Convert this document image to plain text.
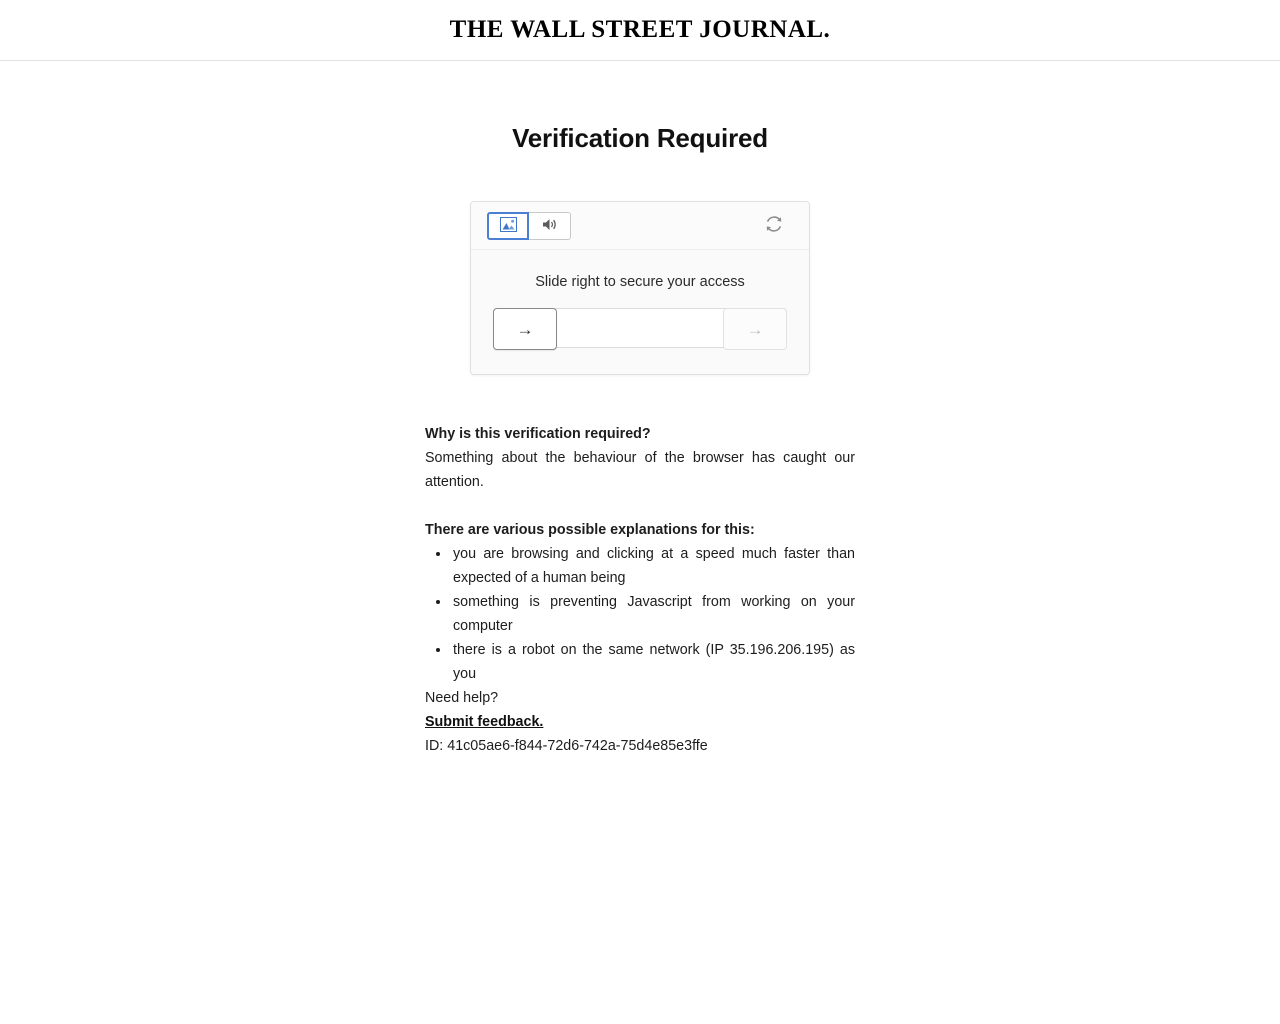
THE WALL STREET JOURNAL.
Verification Required
Slide right to secure your access
→	→
Why is this verification required?

Something about the behaviour of the browser has caught our attention.

There are various possible explanations for this:
• you are browsing and clicking at a speed much faster than expected of a human being
• something is preventing Javascript from working on your computer
• there is a robot on the same network (IP 35.196.206.195) as you

Need help?

Submit feedback.

ID: 41c05ae6-f844-72d6-742a-75d4e85e3ffe
